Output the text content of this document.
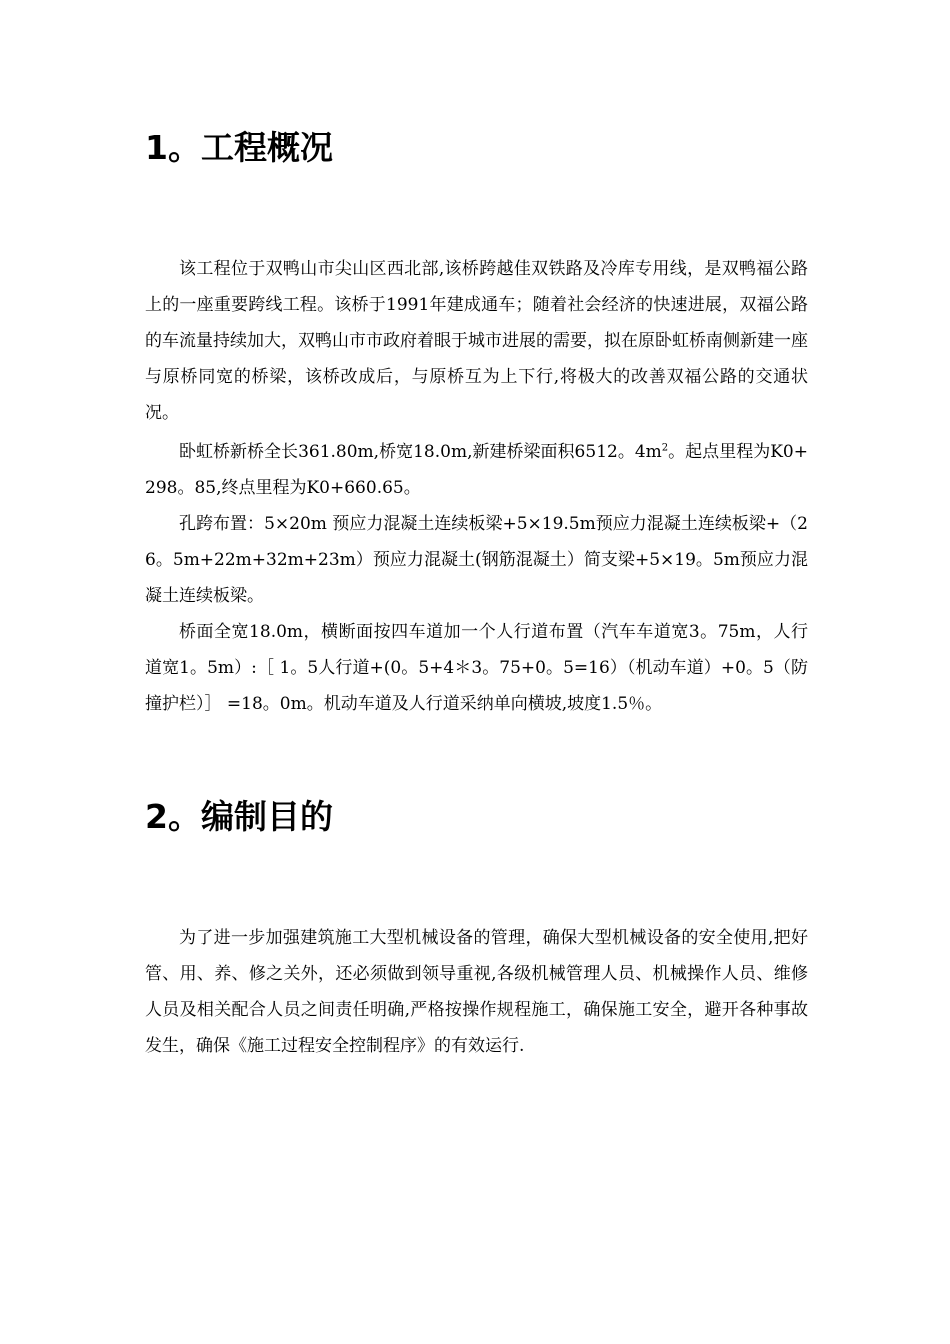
1。工程概况

该工程位于双鸭山市尖山区西北部,该桥跨越佳双铁路及冷库专用线，是双鸭福公路上的一座重要跨线工程。该桥于1991年建成通车；随着社会经济的快速进展，双福公路的车流量持续加大，双鸭山市市政府着眼于城市进展的需要，拟在原卧虹桥南侧新建一座与原桥同宽的桥梁，该桥改成后，与原桥互为上下行,将极大的改善双福公路的交通状况。

卧虹桥新桥全长361.80m,桥宽18.0m,新建桥梁面积6512。$4m^2$。起点里程为K0+298。85,终点里程为K0+660.65。

孔跨布置：5×20m 预应力混凝土连续板梁+5×19.5m预应力混凝土连续板梁+（26。5m+22m+32m+23m）预应力混凝土(钢筋混凝土）简支梁+5×19。5m预应力混凝土连续板梁。

桥面全宽18.0m，横断面按四车道加一个人行道布置（汽车车道宽3。75m，人行道宽1。5m）:［ 1。5人行道+(0。5+4＊3。75+0。5=16）（机动车道）+0。5（防撞护栏）］ =18。0m。机动车道及人行道采纳单向横坡,坡度1.5％。

2。编制目的

为了进一步加强建筑施工大型机械设备的管理，确保大型机械设备的安全使用,把好管、用、养、修之关外，还必须做到领导重视,各级机械管理人员、机械操作人员、维修人员及相关配合人员之间责任明确,严格按操作规程施工，确保施工安全，避开各种事故发生，确保《施工过程安全控制程序》的有效运行.
